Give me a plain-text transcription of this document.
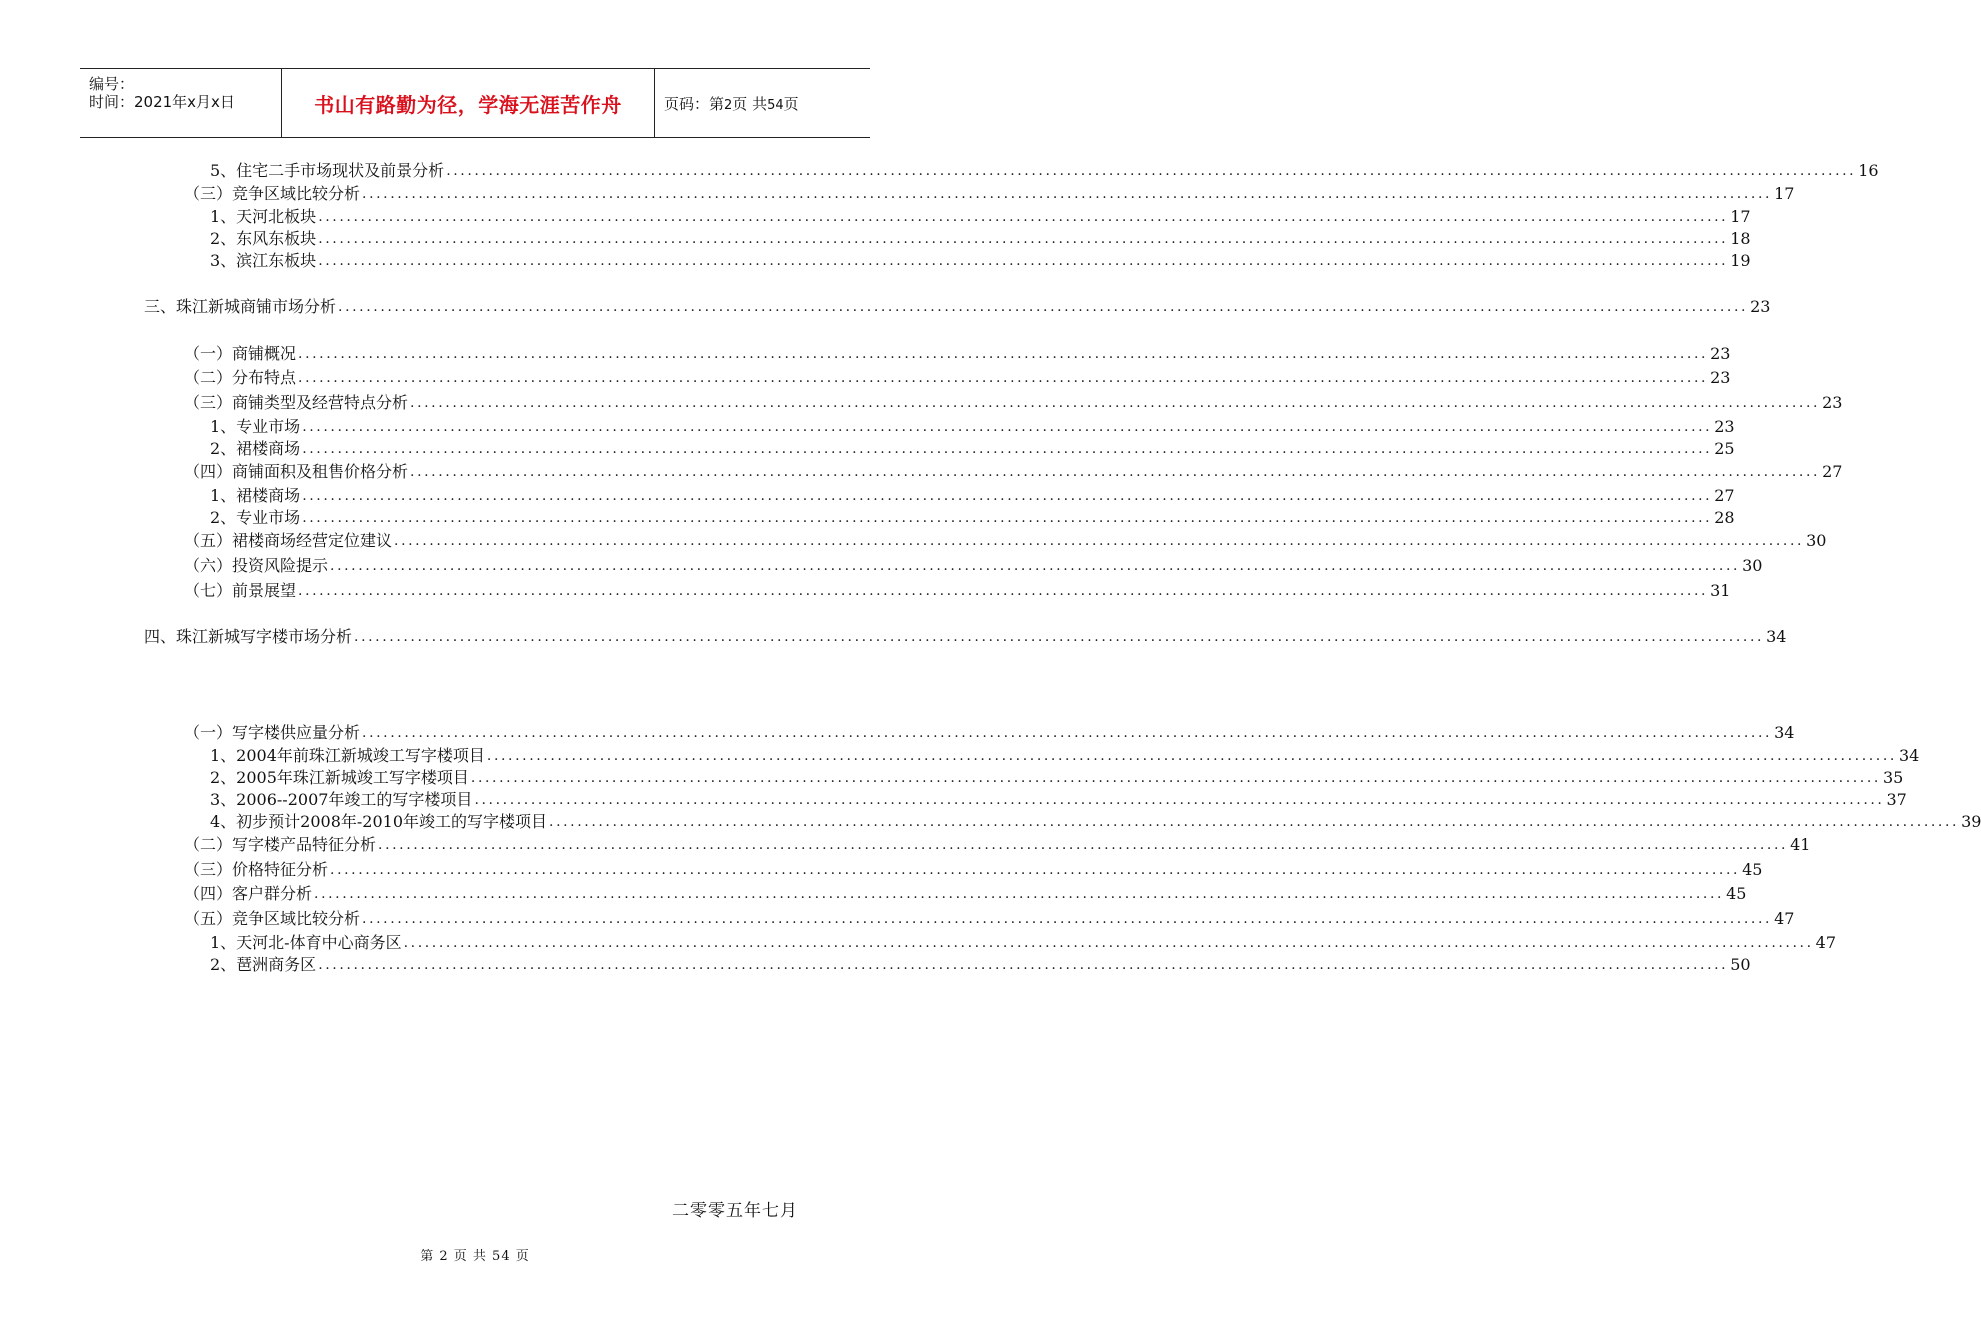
编号：
时间：2021年x月x日	书山有路勤为径，学海无涯苦作舟	页码：第2页 共54页
5、住宅二手市场现状及前景分析 ........................................................................................................................................................................................................ 16
（三）竞争区域比较分析 ........................................................................................................................................................................................................ 17
1、天河北板块 ........................................................................................................................................................................................................ 17
2、东风东板块 ........................................................................................................................................................................................................ 18
3、滨江东板块 ........................................................................................................................................................................................................ 19
三、珠江新城商铺市场分析 ........................................................................................................................................................................................................ 23
（一）商铺概况 ........................................................................................................................................................................................................ 23
（二）分布特点 ........................................................................................................................................................................................................ 23
（三）商铺类型及经营特点分析 ........................................................................................................................................................................................................ 23
1、专业市场 ........................................................................................................................................................................................................ 23
2、裙楼商场 ........................................................................................................................................................................................................ 25
（四）商铺面积及租售价格分析 ........................................................................................................................................................................................................ 27
1、裙楼商场 ........................................................................................................................................................................................................ 27
2、专业市场 ........................................................................................................................................................................................................ 28
（五）裙楼商场经营定位建议 ........................................................................................................................................................................................................ 30
（六）投资风险提示 ........................................................................................................................................................................................................ 30
（七）前景展望 ........................................................................................................................................................................................................ 31
四、珠江新城写字楼市场分析 ........................................................................................................................................................................................................ 34
（一）写字楼供应量分析 ........................................................................................................................................................................................................ 34
1、2004年前珠江新城竣工写字楼项目 ........................................................................................................................................................................................................ 34
2、2005年珠江新城竣工写字楼项目 ........................................................................................................................................................................................................ 35
3、2006--2007年竣工的写字楼项目 ........................................................................................................................................................................................................ 37
4、初步预计2008年-2010年竣工的写字楼项目 ........................................................................................................................................................................................................ 39
（二）写字楼产品特征分析 ........................................................................................................................................................................................................ 41
（三）价格特征分析 ........................................................................................................................................................................................................ 45
（四）客户群分析 ........................................................................................................................................................................................................ 45
（五）竞争区域比较分析 ........................................................................................................................................................................................................ 47
1、天河北-体育中心商务区 ........................................................................................................................................................................................................ 47
2、琶洲商务区 ........................................................................................................................................................................................................ 50
二零零五年七月
第 2 页 共 54 页
